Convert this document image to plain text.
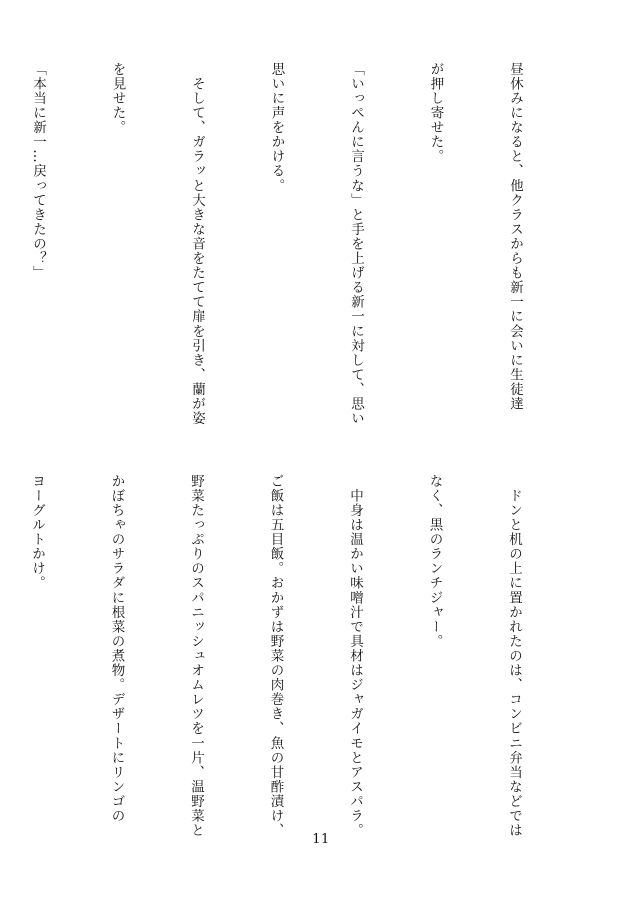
昼休みになると、他クラスからも新一に会いに生徒達

が押し寄せた。

「いっぺんに言うな」と手を上げる新一に対して、思い

思いに声をかける。

　そして、ガラッと大きな音をたてて扉を引き、蘭が姿

を見せた。

「本当に新一…戻ってきたの？」

　ドンと机の上に置かれたのは、コンビニ弁当などでは

なく、黒のランチジャー。

　中身は温かい味噌汁で具材はジャガイモとアスパラ。

ご飯は五目飯。おかずは野菜の肉巻き、魚の甘酢漬け、

野菜たっぷりのスパニッシュオムレツを一片、温野菜と

かぼちゃのサラダに根菜の煮物。デザートにリンゴの

ヨーグルトかけ。

11
